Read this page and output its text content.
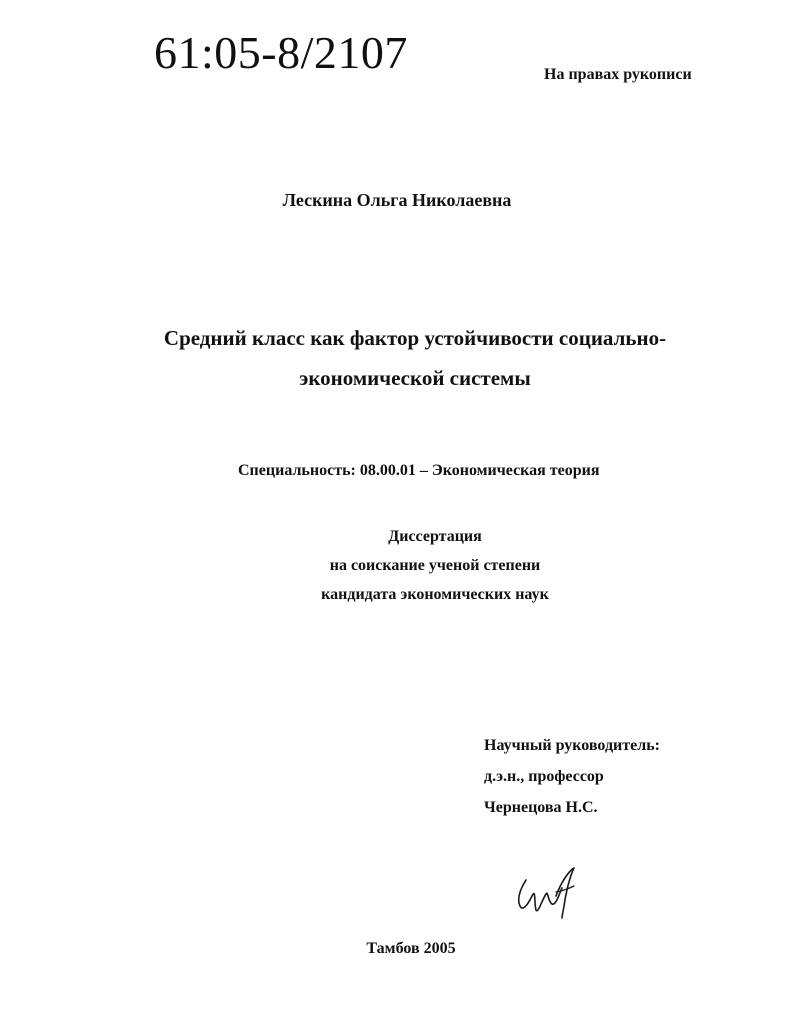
61:05-8/2107	На правах рукописи
Лескина Ольга Николаевна
Средний класс как фактор устойчивости социально-
экономической системы
Специальность: 08.00.01 – Экономическая теория
Диссертация
на соискание ученой степени
кандидата экономических наук
Научный руководитель:
д.э.н., профессор
Чернецова Н.С.
Тамбов 2005
